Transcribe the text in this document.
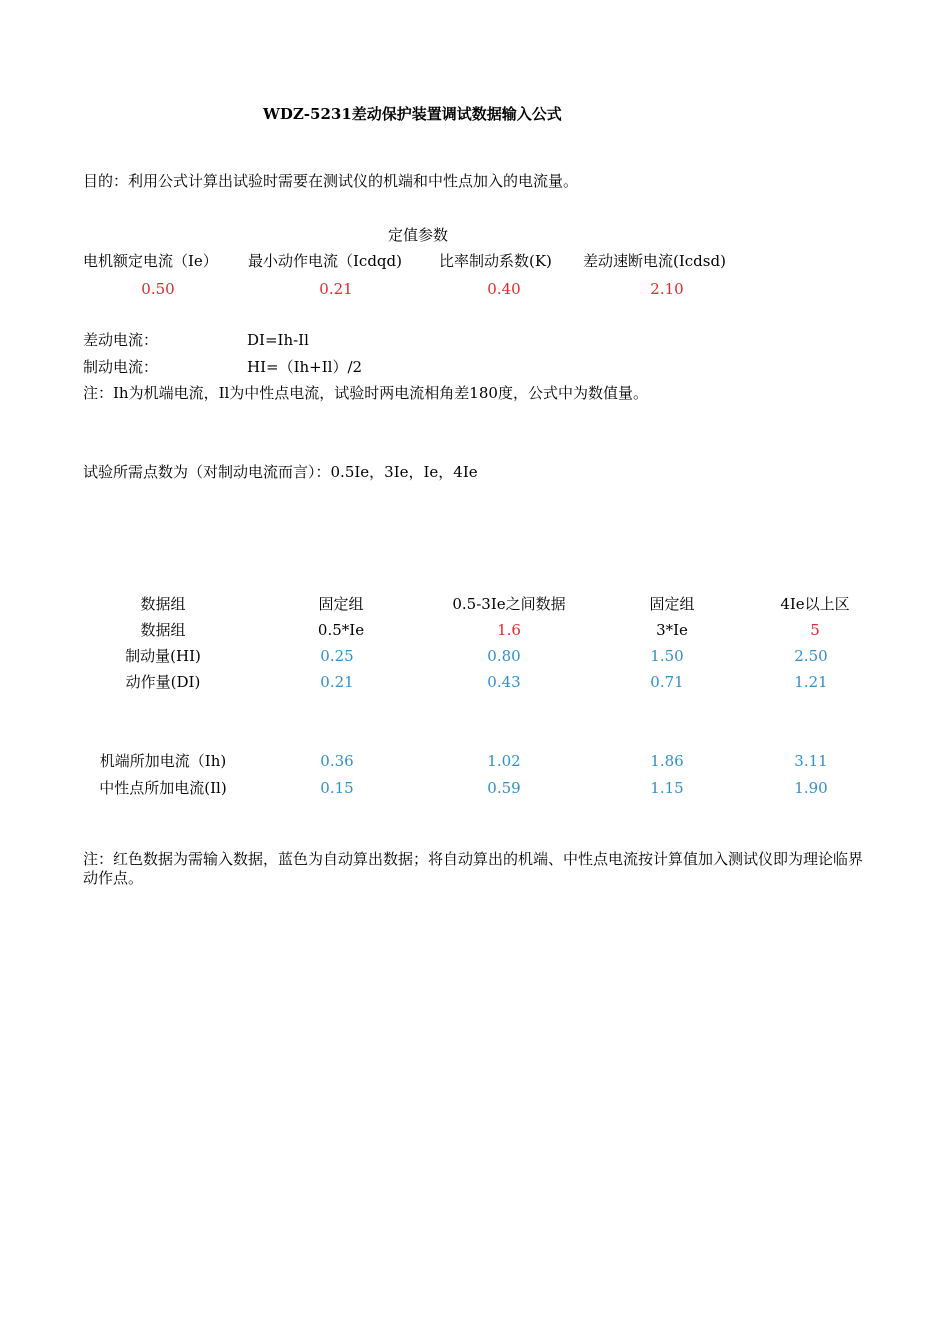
WDZ-5231差动保护装置调试数据输入公式
目的：利用公式计算出试验时需要在测试仪的机端和中性点加入的电流量。
定值参数
电机额定电流（Ie） 最小动作电流（Icdqd) 比率制动系数(K) 差动速断电流(Icdsd)
0.50	0.21	0.40	2.10
差动电流：	DI=Ih-Il
制动电流：	HI=（Ih+Il）/2
注：Ih为机端电流，Il为中性点电流，试验时两电流相角差180度，公式中为数值量。
试验所需点数为（对制动电流而言）：0.5Ie，3Ie，Ie，4Ie
数据组	固定组	0.5-3Ie之间数据	固定组	4Ie以上区
数据组	0.5*Ie	1.6	3*Ie	5
制动量(HI)	0.25	0.80	1.50	2.50
动作量(DI)	0.21	0.43	0.71	1.21
机端所加电流（Ih)	0.36	1.02	1.86	3.11
中性点所加电流(Il)	0.15	0.59	1.15	1.90
注：红色数据为需输入数据，蓝色为自动算出数据；将自动算出的机端、中性点电流按计算值加入测试仪即为理论临界动作点。
